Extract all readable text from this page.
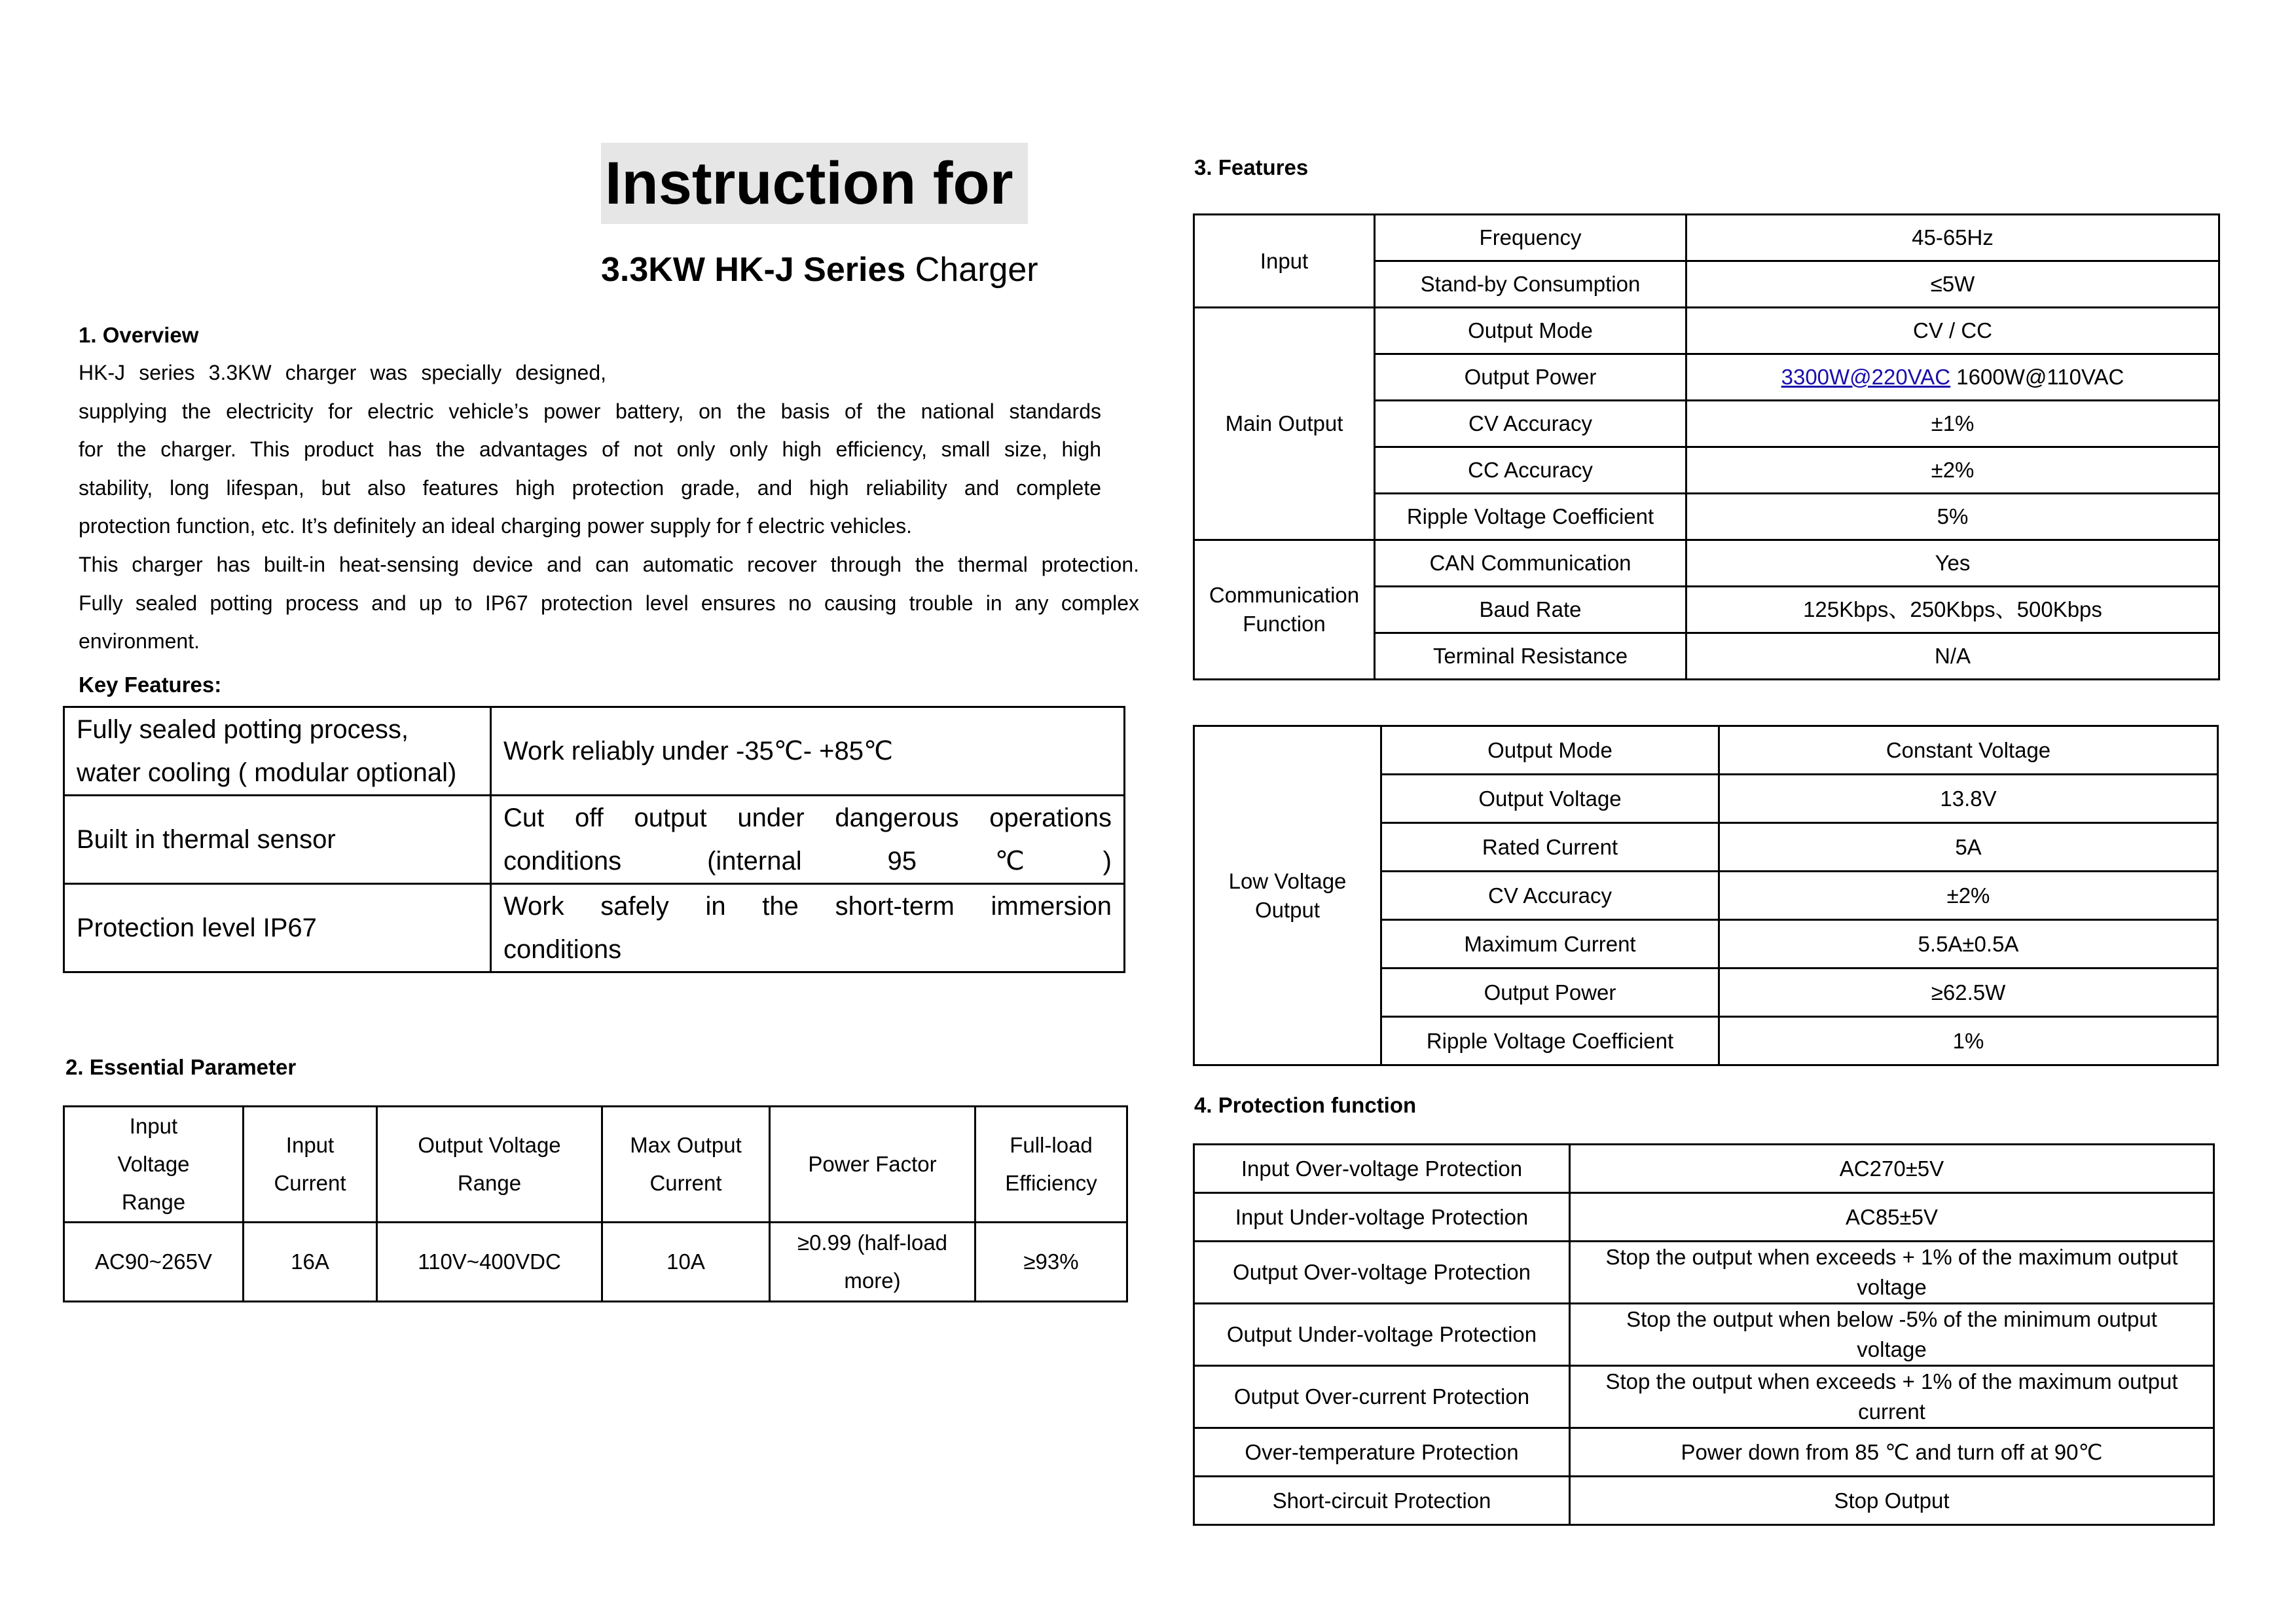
Instruction for
3.3KW HK-J Series Charger
1. Overview
HK-J series 3.3KW charger was specially designed,
supplying the electricity for electric vehicle’s power battery, on the basis of the national standards
for the charger. This product has the advantages of not only only high efficiency, small size, high
stability, long lifespan, but also features high protection grade, and high reliability and complete
protection function, etc. It’s definitely an ideal charging power supply for f electric vehicles.
This charger has built-in heat-sensing device and can automatic recover through the thermal protection.
Fully sealed potting process and up to IP67 protection level ensures no causing trouble in any complex
environment.
Key Features:
Fully sealed potting process, water cooling ( modular optional)	Work reliably under -35℃- +85℃
Built in thermal sensor	Cut off output under dangerous operations
conditions (internal 95℃)

Protection level IP67	Work safely in the short-term immersion
conditions
2. Essential Parameter
Input Voltage Range	Input Current	Output Voltage Range	Max Output Current	Power Factor	Full-load Efficiency
AC90~265V	16A	110V~400VDC	10A	≥0.99 (half-load more)	≥93%
3. Features
Input	Frequency	45-65Hz
	Stand-by Consumption	≤5W
Main Output	Output Mode	CV / CC
	Output Power	3300W@220VAC 1600W@110VAC
	CV Accuracy	±1%
	CC Accuracy	±2%
	Ripple Voltage Coefficient	5%
Communication Function	CAN Communication	Yes
	Baud Rate	125Kbps、250Kbps、500Kbps
	Terminal Resistance	N/A
Low Voltage Output	Output Mode	Constant Voltage
	Output Voltage	13.8V
	Rated Current	5A
	CV Accuracy	±2%
	Maximum Current	5.5A±0.5A
	Output Power	≥62.5W
	Ripple Voltage Coefficient	1%
4. Protection function
Input Over-voltage Protection	AC270±5V
Input Under-voltage Protection	AC85±5V
Output Over-voltage Protection	Stop the output when exceeds + 1% of the maximum output voltage
Output Under-voltage Protection	Stop the output when below -5% of the minimum output voltage
Output Over-current Protection	Stop the output when exceeds + 1% of the maximum output current
Over-temperature Protection	Power down from 85 ℃ and turn off at 90℃
Short-circuit Protection	Stop Output
